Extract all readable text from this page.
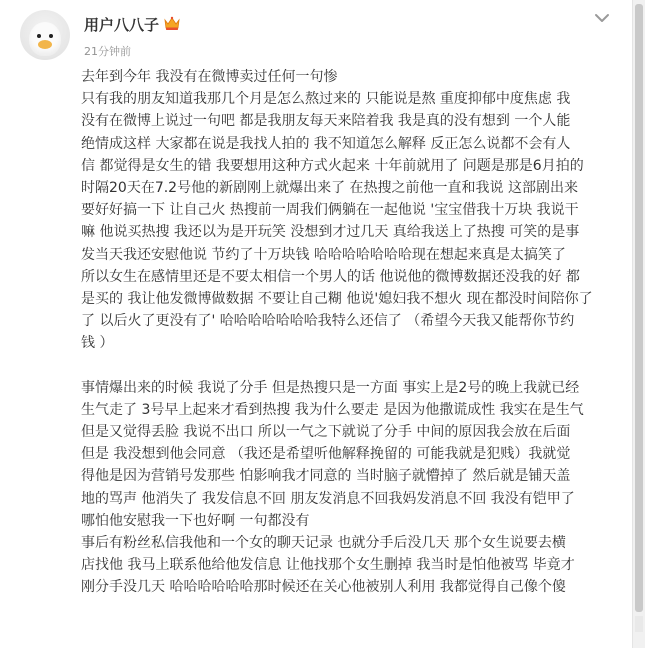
用户八八子
21分钟前
去年到今年 我没有在微博卖过任何一句惨
只有我的朋友知道我那几个月是怎么熬过来的 只能说是熬 重度抑郁中度焦虑 我
没有在微博上说过一句吧 都是我朋友每天来陪着我 我是真的没有想到 一个人能
绝情成这样 大家都在说是我找人拍的 我不知道怎么解释 反正怎么说都不会有人
信 都觉得是女生的错 我要想用这种方式火起来 十年前就用了 问题是那是6月拍的
时隔20天在7.2号他的新剧刚上就爆出来了 在热搜之前他一直和我说 这部剧出来
要好好搞一下 让自己火 热搜前一周我们俩躺在一起他说 '宝宝借我十万块 我说干
嘛 他说买热搜 我还以为是开玩笑 没想到才过几天 真给我送上了热搜 可笑的是事
发当天我还安慰他说 节约了十万块钱 哈哈哈哈哈哈哈现在想起来真是太搞笑了
所以女生在感情里还是不要太相信一个男人的话 他说他的微博数据还没我的好 都
是买的 我让他发微博做数据 不要让自己糊 他说'媳妇我不想火 现在都没时间陪你了
了 以后火了更没有了' 哈哈哈哈哈哈哈我特么还信了 （希望今天我又能帮你节约
钱 ）
事情爆出来的时候 我说了分手 但是热搜只是一方面 事实上是2号的晚上我就已经
生气走了 3号早上起来才看到热搜 我为什么要走 是因为他撒谎成性 我实在是生气
但是又觉得丢脸 我说不出口 所以一气之下就说了分手 中间的原因我会放在后面
但是 我没想到他会同意 （我还是希望听他解释挽留的 可能我就是犯贱）我就觉
得他是因为营销号发那些 怕影响我才同意的 当时脑子就懵掉了 然后就是铺天盖
地的骂声 他消失了 我发信息不回 朋友发消息不回我妈发消息不回 我没有铠甲了
哪怕他安慰我一下也好啊 一句都没有
事后有粉丝私信我他和一个女的聊天记录 也就分手后没几天 那个女生说要去横
店找他 我马上联系他给他发信息 让他找那个女生删掉 我当时是怕他被骂 毕竟才
刚分手没几天 哈哈哈哈哈哈那时候还在关心他被别人利用 我都觉得自己像个傻
